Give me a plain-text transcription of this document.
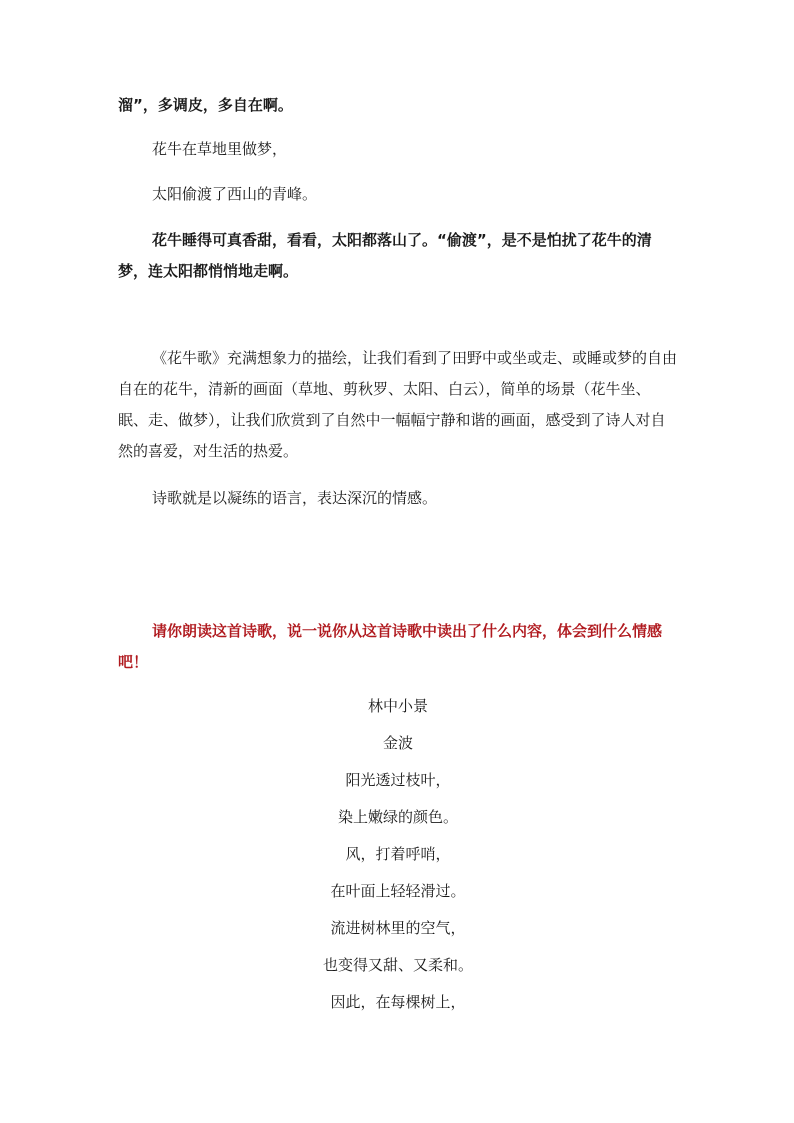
溜”，多调皮，多自在啊。

花牛在草地里做梦，

太阳偷渡了西山的青峰。

花牛睡得可真香甜，看看，太阳都落山了。“偷渡”，是不是怕扰了花牛的清梦，连太阳都悄悄地走啊。

《花牛歌》充满想象力的描绘，让我们看到了田野中或坐或走、或睡或梦的自由自在的花牛，清新的画面（草地、剪秋罗、太阳、白云），简单的场景（花牛坐、眠、走、做梦），让我们欣赏到了自然中一幅幅宁静和谐的画面，感受到了诗人对自然的喜爱，对生活的热爱。

诗歌就是以凝练的语言，表达深沉的情感。

请你朗读这首诗歌，说一说你从这首诗歌中读出了什么内容，体会到什么情感吧！

林中小景
金波
阳光透过枝叶，
染上嫩绿的颜色。
风，打着呼哨，
在叶面上轻轻滑过。
流进树林里的空气，
也变得又甜、又柔和。
因此，在每棵树上，
